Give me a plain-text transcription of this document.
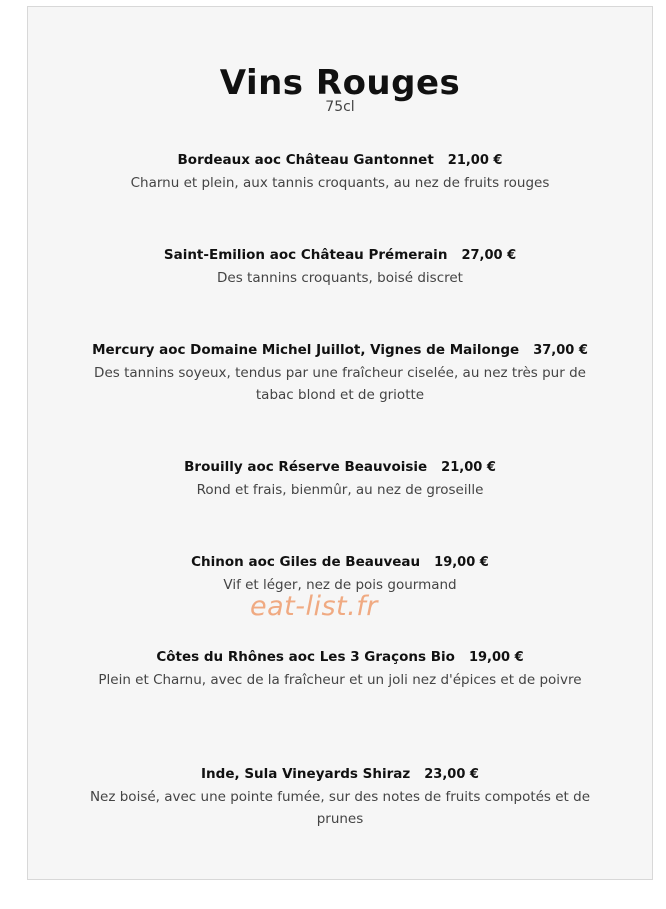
Vins Rouges
75cl
Bordeaux aoc Château Gantonnet 21,00 €
Charnu et plein, aux tannis croquants, au nez de fruits rouges
Saint-Emilion aoc Château Prémerain 27,00 €
Des tannins croquants, boisé discret
Mercury aoc Domaine Michel Juillot, Vignes de Mailonge 37,00 €
Des tannins soyeux, tendus par une fraîcheur ciselée, au nez très pur de tabac blond et de griotte
Brouilly aoc Réserve Beauvoisie 21,00 €
Rond et frais, bienmûr, au nez de groseille
Chinon aoc Giles de Beauveau 19,00 €
Vif et léger, nez de pois gourmand
eat-list.fr
Côtes du Rhônes aoc Les 3 Graçons Bio 19,00 €
Plein et Charnu, avec de la fraîcheur et un joli nez d'épices et de poivre
Inde, Sula Vineyards Shiraz 23,00 €
Nez boisé, avec une pointe fumée, sur des notes de fruits compotés et de prunes
